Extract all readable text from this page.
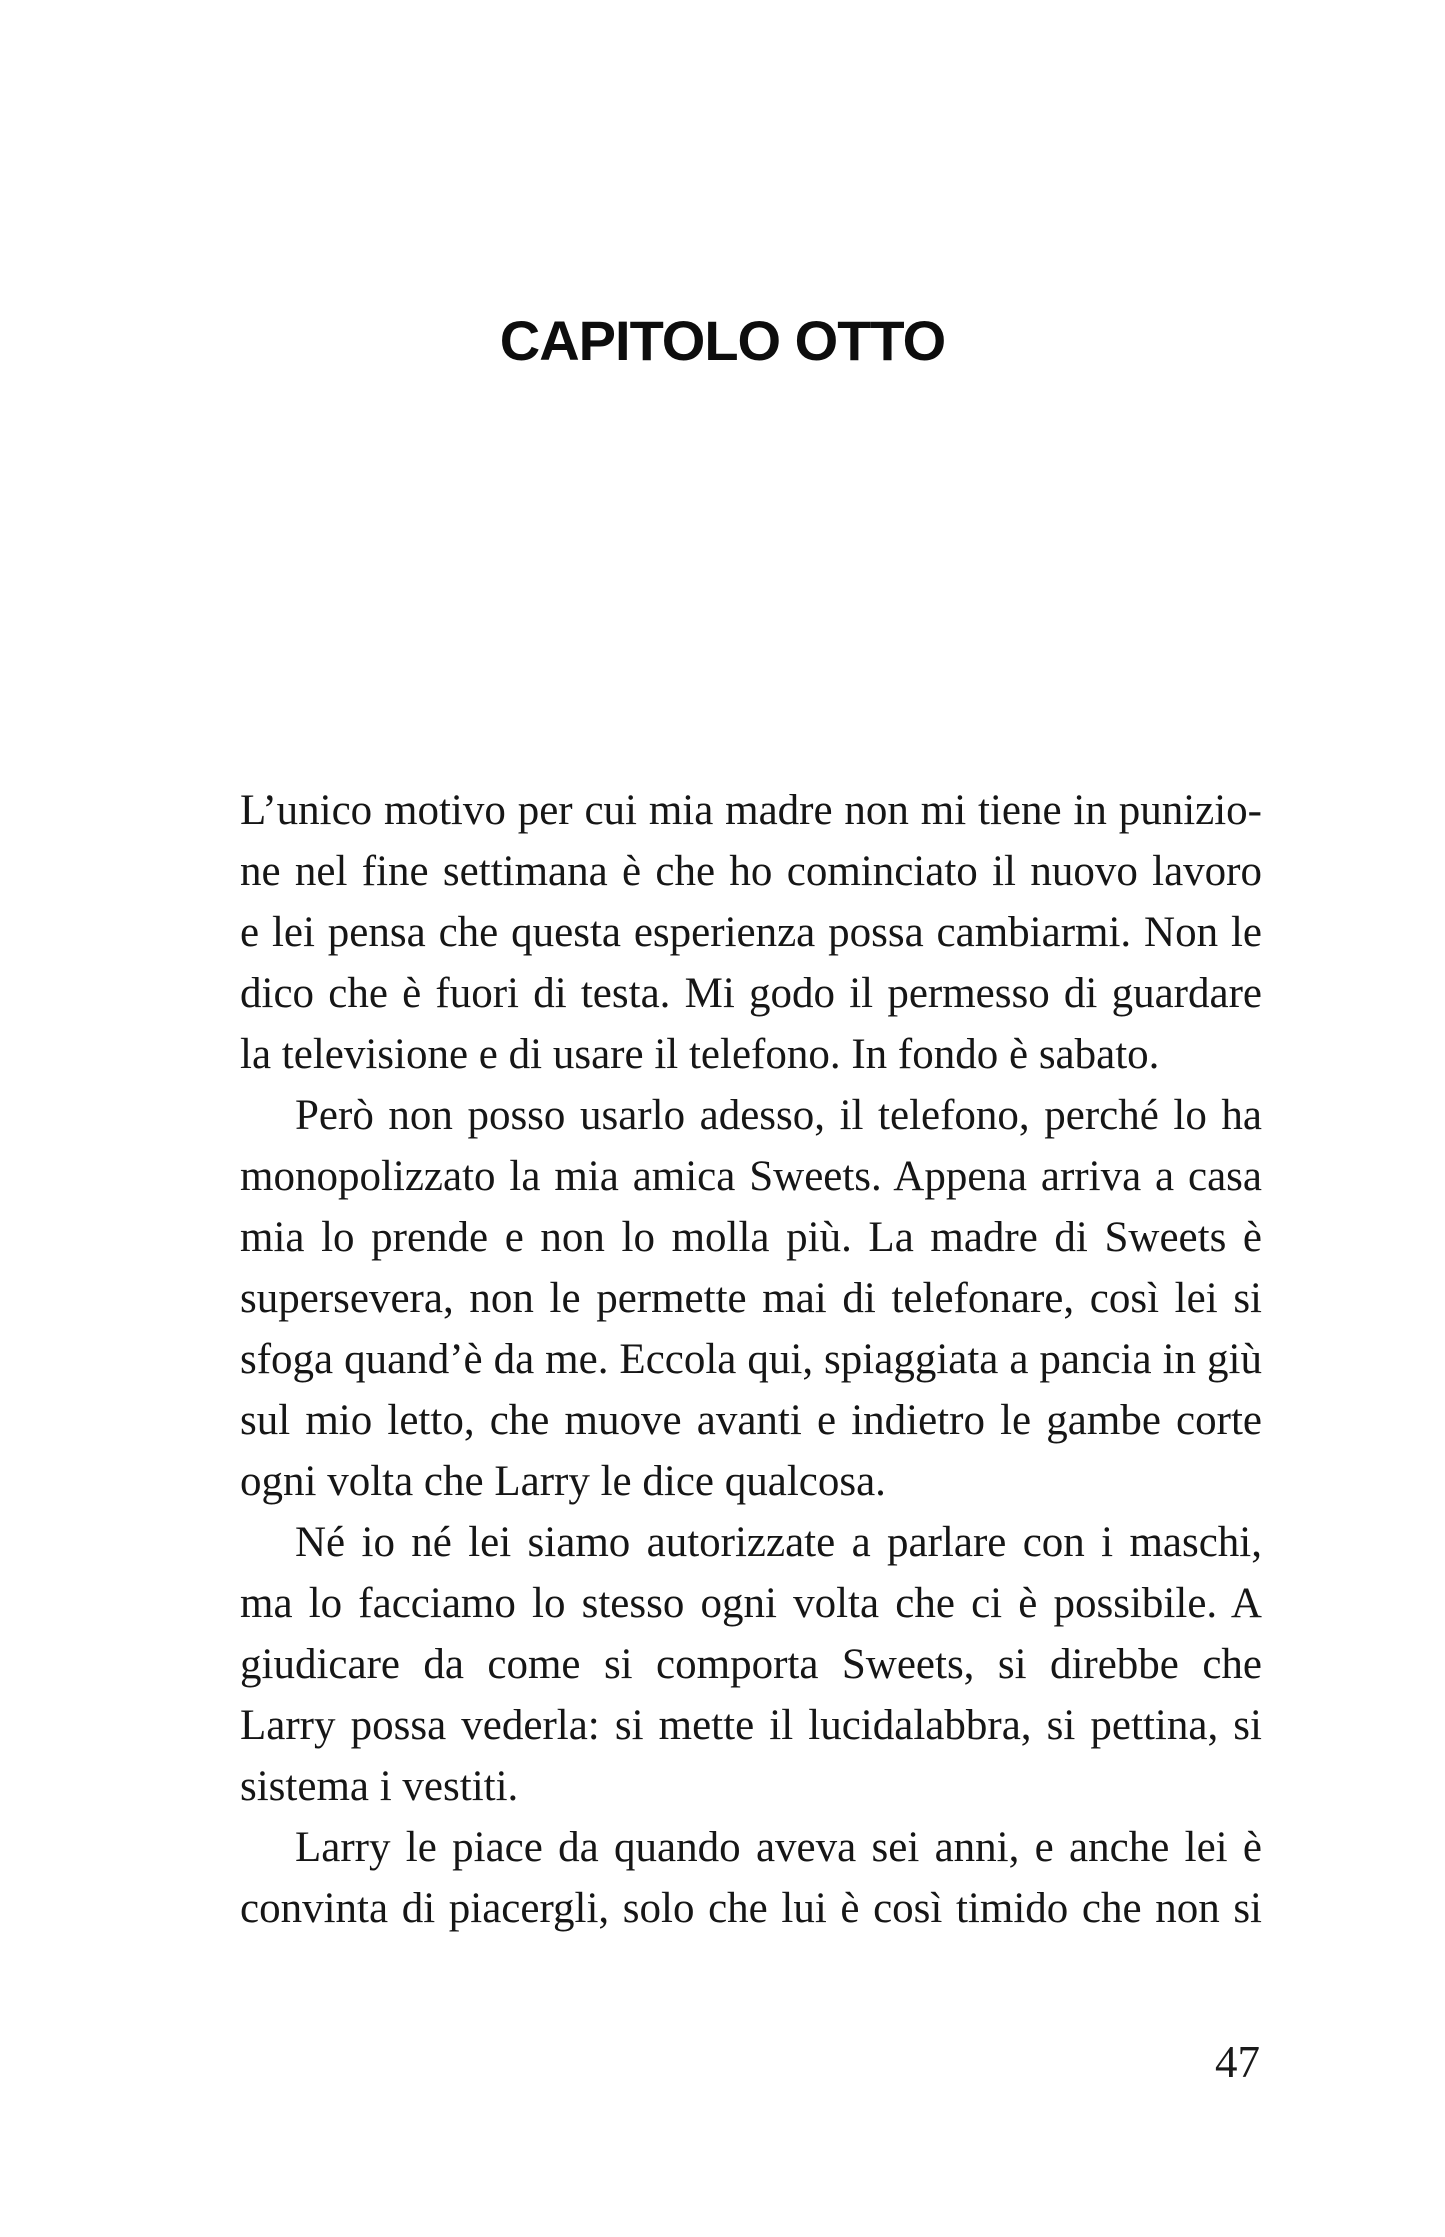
CAPITOLO OTTO
L’unico motivo per cui mia madre non mi tiene in punizio-
ne nel fine settimana è che ho cominciato il nuovo lavoro
e lei pensa che questa esperienza possa cambiarmi. Non le
dico che è fuori di testa. Mi godo il permesso di guardare
la televisione e di usare il telefono. In fondo è sabato.
Però non posso usarlo adesso, il telefono, perché lo ha
monopolizzato la mia amica Sweets. Appena arriva a casa
mia lo prende e non lo molla più. La madre di Sweets è
supersevera, non le permette mai di telefonare, così lei si
sfoga quand’è da me. Eccola qui, spiaggiata a pancia in giù
sul mio letto, che muove avanti e indietro le gambe corte
ogni volta che Larry le dice qualcosa.
Né io né lei siamo autorizzate a parlare con i maschi,
ma lo facciamo lo stesso ogni volta che ci è possibile. A
giudicare da come si comporta Sweets, si direbbe che
Larry possa vederla: si mette il lucidalabbra, si pettina, si
sistema i vestiti.
Larry le piace da quando aveva sei anni, e anche lei è
convinta di piacergli, solo che lui è così timido che non si
47
